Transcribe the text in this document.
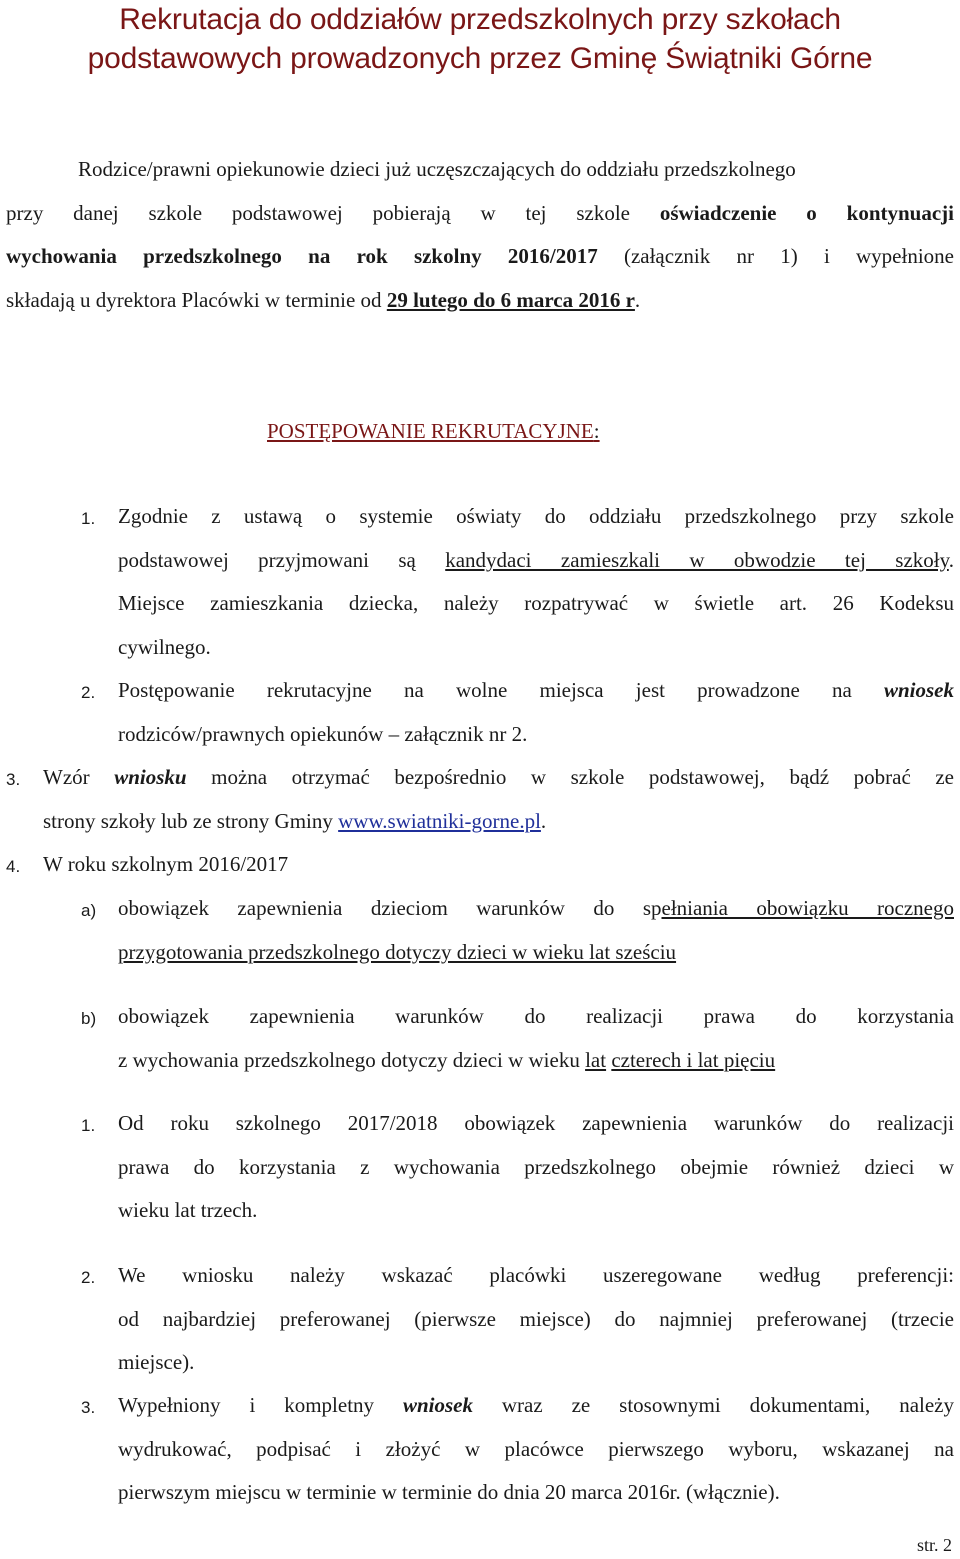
Rekrutacja do oddziałów przedszkolnych przy szkołach
podstawowych prowadzonych przez Gminę Świątniki Górne
Rodzice/prawni opiekunowie dzieci już uczęszczających do oddziału przedszkolnego
przy danej szkole podstawowej pobierają w tej szkole oświadczenie o kontynuacji
wychowania przedszkolnego na rok szkolny 2016/2017 (załącznik nr 1) i wypełnione
składają u dyrektora Placówki w terminie od 29 lutego do 6 marca 2016 r.
POSTĘPOWANIE REKRUTACYJNE:
1. Zgodnie z ustawą o systemie oświaty do oddziału przedszkolnego przy szkole
podstawowej przyjmowani są kandydaci zamieszkali w obwodzie tej szkoły.
Miejsce zamieszkania dziecka, należy rozpatrywać w świetle art. 26 Kodeksu
cywilnego.
2. Postępowanie rekrutacyjne na wolne miejsca jest prowadzone na wniosek
rodziców/prawnych opiekunów – załącznik nr 2.
3. Wzór wniosku można otrzymać bezpośrednio w szkole podstawowej, bądź pobrać ze
strony szkoły lub ze strony Gminy www.swiatniki-gorne.pl.
4. W roku szkolnym 2016/2017
a) obowiązek zapewnienia dzieciom warunków do spełniania obowiązku rocznego
przygotowania przedszkolnego dotyczy dzieci w wieku lat sześciu
b) obowiązek zapewnienia warunków do realizacji prawa do korzystania
z wychowania przedszkolnego dotyczy dzieci w wieku lat czterech i lat pięciu
1. Od roku szkolnego 2017/2018 obowiązek zapewnienia warunków do realizacji
prawa do korzystania z wychowania przedszkolnego obejmie również dzieci w
wieku lat trzech.
2. We wniosku należy wskazać placówki uszeregowane według preferencji:
od najbardziej preferowanej (pierwsze miejsce) do najmniej preferowanej (trzecie
miejsce).
3. Wypełniony i kompletny wniosek wraz ze stosownymi dokumentami, należy
wydrukować, podpisać i złożyć w placówce pierwszego wyboru, wskazanej na
pierwszym miejscu w terminie w terminie do dnia 20 marca 2016r. (włącznie).
str. 2
